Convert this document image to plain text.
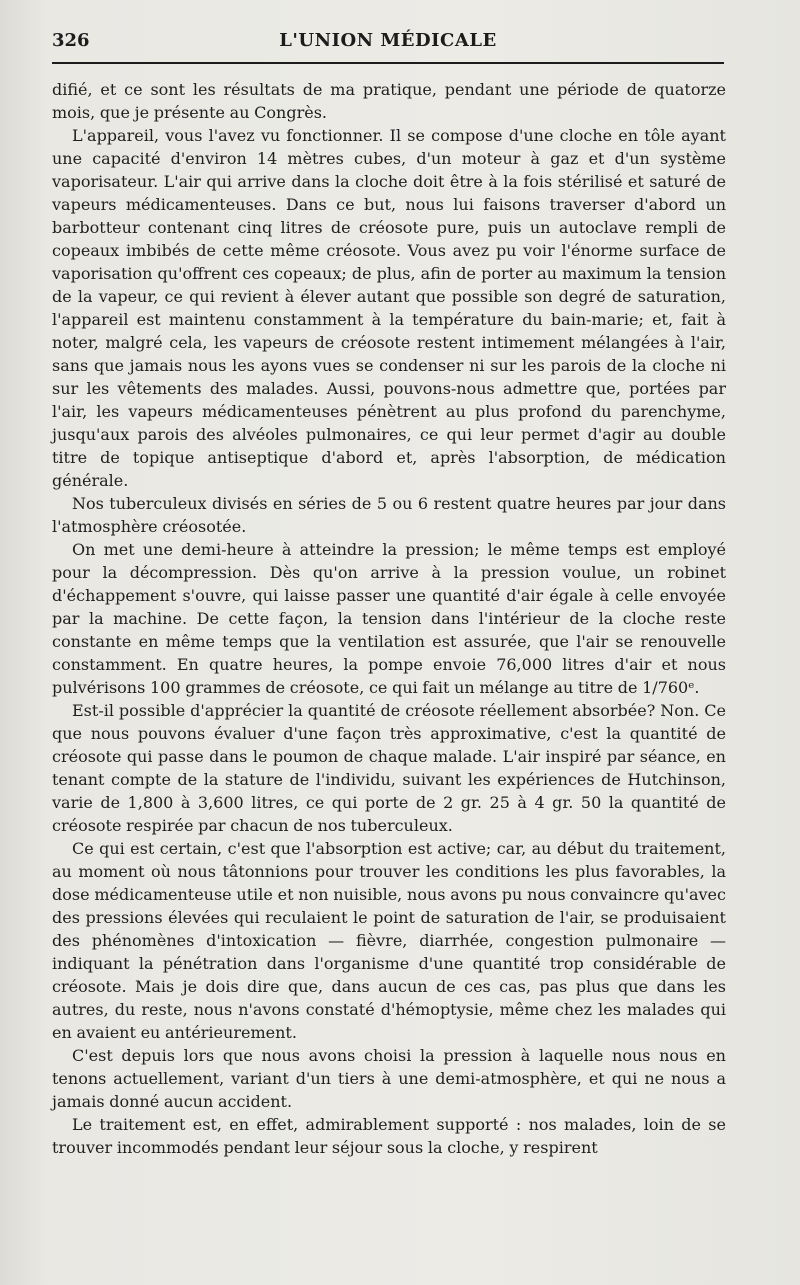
326	L'UNION MÉDICALE

difié, et ce sont les résultats de ma pratique, pendant une période de quatorze mois, que je présente au Congrès.

L'appareil, vous l'avez vu fonctionner. Il se compose d'une cloche en tôle ayant une capacité d'environ 14 mètres cubes, d'un moteur à gaz et d'un système vaporisateur. L'air qui arrive dans la cloche doit être à la fois stérilisé et saturé de vapeurs médicamenteuses. Dans ce but, nous lui faisons traverser d'abord un barbotteur contenant cinq litres de créosote pure, puis un autoclave rempli de copeaux imbibés de cette même créosote. Vous avez pu voir l'énorme surface de vaporisation qu'offrent ces copeaux; de plus, afin de porter au maximum la tension de la vapeur, ce qui revient à élever autant que possible son degré de saturation, l'appareil est maintenu constamment à la température du bain-marie; et, fait à noter, malgré cela, les vapeurs de créosote restent intimement mélangées à l'air, sans que jamais nous les ayons vues se condenser ni sur les parois de la cloche ni sur les vêtements des malades. Aussi, pouvons-nous admettre que, portées par l'air, les vapeurs médicamenteuses pénètrent au plus profond du parenchyme, jusqu'aux parois des alvéoles pulmonaires, ce qui leur permet d'agir au double titre de topique antiseptique d'abord et, après l'absorption, de médication générale.

Nos tuberculeux divisés en séries de 5 ou 6 restent quatre heures par jour dans l'atmosphère créosotée.

On met une demi-heure à atteindre la pression; le même temps est employé pour la décompression. Dès qu'on arrive à la pression voulue, un robinet d'échappement s'ouvre, qui laisse passer une quantité d'air égale à celle envoyée par la machine. De cette façon, la tension dans l'intérieur de la cloche reste constante en même temps que la ventilation est assurée, que l'air se renouvelle constamment. En quatre heures, la pompe envoie 76,000 litres d'air et nous pulvérisons 100 grammes de créosote, ce qui fait un mélange au titre de 1/760ᵉ.

Est-il possible d'apprécier la quantité de créosote réellement absorbée? Non. Ce que nous pouvons évaluer d'une façon très approximative, c'est la quantité de créosote qui passe dans le poumon de chaque malade. L'air inspiré par séance, en tenant compte de la stature de l'individu, suivant les expériences de Hutchinson, varie de 1,800 à 3,600 litres, ce qui porte de 2 gr. 25 à 4 gr. 50 la quantité de créosote respirée par chacun de nos tuberculeux.

Ce qui est certain, c'est que l'absorption est active; car, au début du traitement, au moment où nous tâtonnions pour trouver les conditions les plus favorables, la dose médicamenteuse utile et non nuisible, nous avons pu nous convaincre qu'avec des pressions élevées qui reculaient le point de saturation de l'air, se produisaient des phénomènes d'intoxication — fièvre, diarrhée, congestion pulmonaire — indiquant la pénétration dans l'organisme d'une quantité trop considérable de créosote. Mais je dois dire que, dans aucun de ces cas, pas plus que dans les autres, du reste, nous n'avons constaté d'hémoptysie, même chez les malades qui en avaient eu antérieurement.

C'est depuis lors que nous avons choisi la pression à laquelle nous nous en tenons actuellement, variant d'un tiers à une demi-atmosphère, et qui ne nous a jamais donné aucun accident.

Le traitement est, en effet, admirablement supporté : nos malades, loin de se trouver incommodés pendant leur séjour sous la cloche, y respirent
